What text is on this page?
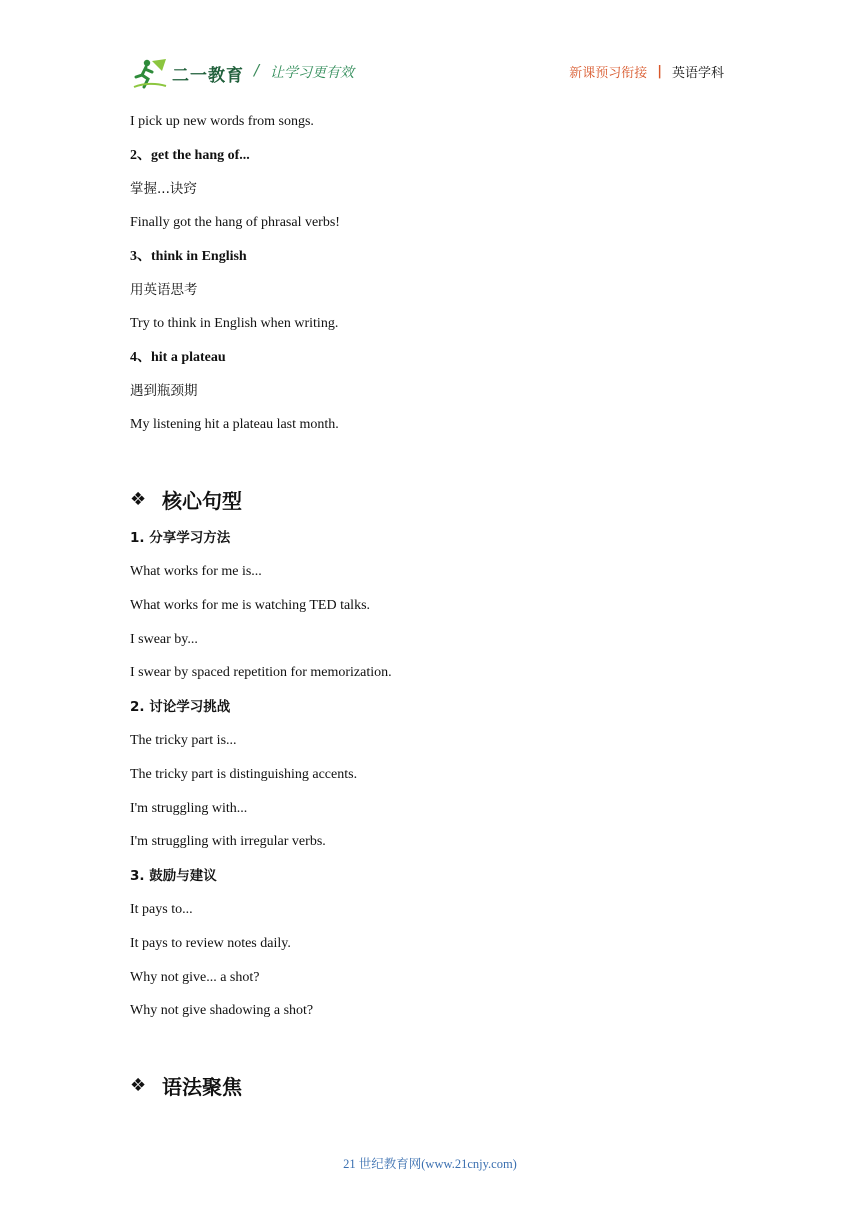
二一教育 / 让学习更有效	新课预习衔接 | 英语学科
I pick up new words from songs.
2、get the hang of...
掌握...诀窍
Finally got the hang of phrasal verbs!
3、think in English
用英语思考
Try to think in English when writing.
4、hit a plateau
遇到瓶颈期
My listening hit a plateau last month.
❖ 核心句型
1. 分享学习方法
What works for me is...
What works for me is watching TED talks.
I swear by...
I swear by spaced repetition for memorization.
2. 讨论学习挑战
The tricky part is...
The tricky part is distinguishing accents.
I'm struggling with...
I'm struggling with irregular verbs.
3. 鼓励与建议
It pays to...
It pays to review notes daily.
Why not give... a shot?
Why not give shadowing a shot?
❖ 语法聚焦
21 世纪教育网(www.21cnjy.com)
